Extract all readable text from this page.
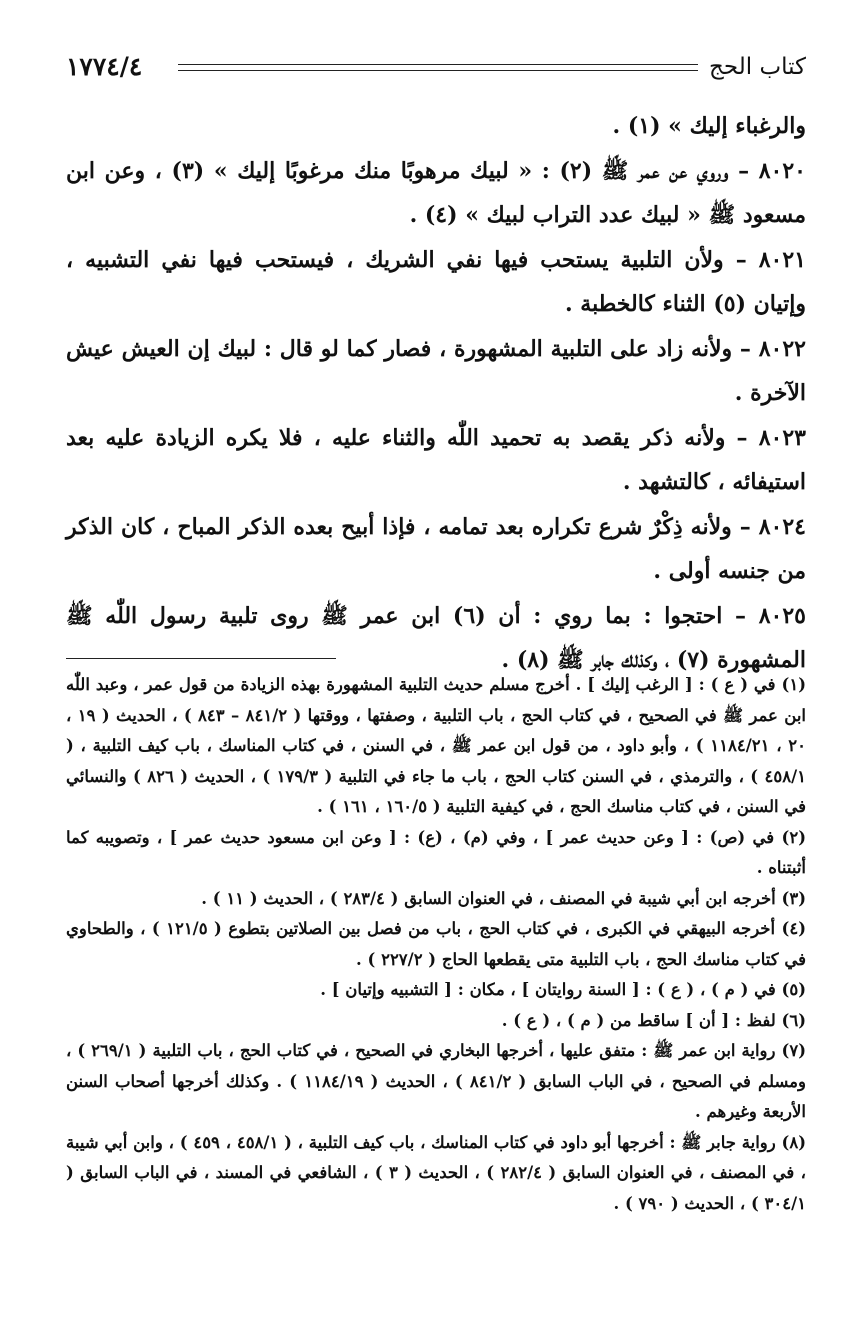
كتاب الحج
١٧٧٤/٤

والرغباء إليك » (١) .

٨٠٢٠ – وروي عن عمر ﷺ (٢) : « لبيك مرهوبًا منك مرغوبًا إليك » (٣) ، وعن ابن مسعود ﷺ « لبيك عدد التراب لبيك » (٤) .

٨٠٢١ – ولأن التلبية يستحب فيها نفي الشريك ، فيستحب فيها نفي التشبيه ، وإتيان (٥) الثناء كالخطبة .

٨٠٢٢ – ولأنه زاد على التلبية المشهورة ، فصار كما لو قال : لبيك إن العيش عيش الآخرة .

٨٠٢٣ – ولأنه ذكر يقصد به تحميد اللّٰه والثناء عليه ، فلا يكره الزيادة عليه بعد استيفائه ، كالتشهد .

٨٠٢٤ – ولأنه ذِكْرٌ شرع تكراره بعد تمامه ، فإذا أبيح بعده الذكر المباح ، كان الذكر من جنسه أولى .

٨٠٢٥ – احتجوا : بما روي : أن (٦) ابن عمر ﷺ روى تلبية رسول اللّٰه ﷺ المشهورة (٧) ، وكذلك جابر ﷺ (٨) .

(١) في ( ع ) : [ الرغب إليك ] . أخرج مسلم حديث التلبية المشهورة بهذه الزيادة من قول عمر ، وعبد اللّٰه ابن عمر ﷺ في الصحيح ، في كتاب الحج ، باب التلبية ، وصفتها ، ووقتها ( ٨٤١/٢ – ٨٤٣ ) ، الحديث ( ١٩ ، ٢٠ ، ١١٨٤/٢١ ) ، وأبو داود ، من قول ابن عمر ﷺ ، في السنن ، في كتاب المناسك ، باب كيف التلبية ، ( ٤٥٨/١ ) ، والترمذي ، في السنن كتاب الحج ، باب ما جاء في التلبية ( ١٧٩/٣ ) ، الحديث ( ٨٢٦ ) والنسائي في السنن ، في كتاب مناسك الحج ، في كيفية التلبية ( ١٦٠/٥ ، ١٦١ ) .

(٢) في (ص) : [ وعن حديث عمر ] ، وفي (م) ، (ع) : [ وعن ابن مسعود حديث عمر ] ، وتصويبه كما أثبتناه .

(٣) أخرجه ابن أبي شيبة في المصنف ، في العنوان السابق ( ٢٨٣/٤ ) ، الحديث ( ١١ ) .

(٤) أخرجه البيهقي في الكبرى ، في كتاب الحج ، باب من فصل بين الصلاتين بتطوع ( ١٢١/٥ ) ، والطحاوي في كتاب مناسك الحج ، باب التلبية متى يقطعها الحاج ( ٢٢٧/٢ ) .

(٥) في ( م ) ، ( ع ) : [ السنة روايتان ] ، مكان : [ التشبيه وإتيان ] .

(٦) لفظ : [ أن ] ساقط من ( م ) ، ( ع ) .

(٧) رواية ابن عمر ﷺ : متفق عليها ، أخرجها البخاري في الصحيح ، في كتاب الحج ، باب التلبية ( ٢٦٩/١ ) ، ومسلم في الصحيح ، في الباب السابق ( ٨٤١/٢ ) ، الحديث ( ١١٨٤/١٩ ) . وكذلك أخرجها أصحاب السنن الأربعة وغيرهم .

(٨) رواية جابر ﷺ : أخرجها أبو داود في كتاب المناسك ، باب كيف التلبية ، ( ٤٥٨/١ ، ٤٥٩ ) ، وابن أبي شيبة ، في المصنف ، في العنوان السابق ( ٢٨٢/٤ ) ، الحديث ( ٣ ) ، الشافعي في المسند ، في الباب السابق ( ٣٠٤/١ ) ، الحديث ( ٧٩٠ ) .
